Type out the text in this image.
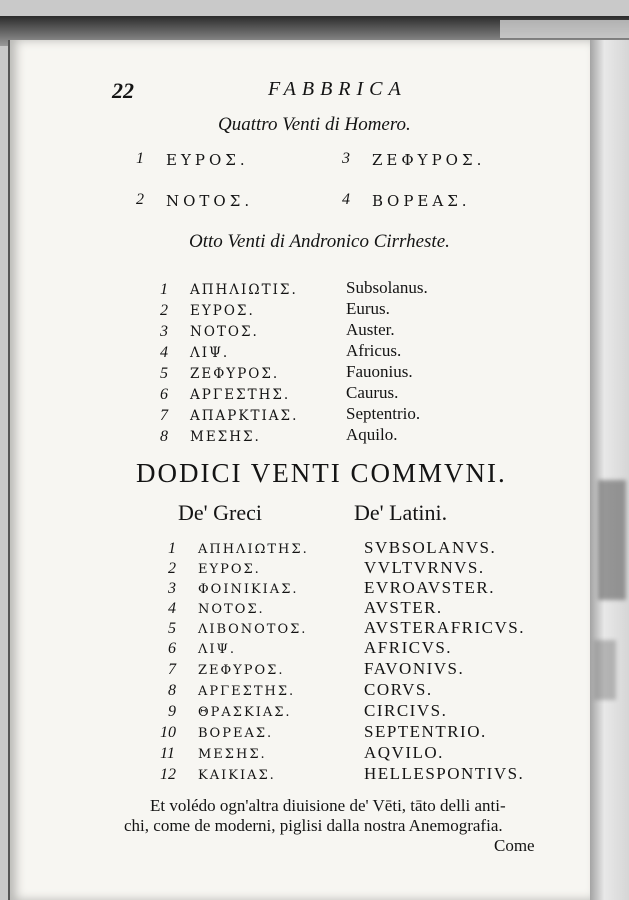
22	FABBRICA
Quattro Venti di Homero.
1 ΕΥΡΟΣ.	3 ΖΕΦΥΡΟΣ.
2 ΝΟΤΟΣ.	4 ΒΟΡΕΑΣ.
Otto Venti di Andronico Cirrheste.
1 ΑΠΗΛΙΩΤΙΣ.	Subsolanus.
2 ΕΥΡΟΣ.	Eurus.
3 ΝΟΤΟΣ.	Auster.
4 ΛΙΨ.	Africus.
5 ΖΕΦΥΡΟΣ.	Fauonius.
6 ΑΡΓΕΣΤΗΣ.	Caurus.
7 ΑΠΑΡΚΤΙΑΣ.	Septentrio.
8 ΜΕΣΗΣ.	Aquilo.
DODICI VENTI COMMVNI.
De' Greci	De' Latini.
1 ΑΠΗΛΙΩΤΗΣ.	SVBSOLANVS.
2 ΕΥΡΟΣ.	VVLTVRNVS.
3 ΦΟΙΝΙΚΙΑΣ.	EVROAVSTER.
4 ΝΟΤΟΣ.	AVSTER.
5 ΛΙΒΟΝΟΤΟΣ.	AVSTERAFRICVS.
6 ΛΙΨ.	AFRICVS.
7 ΖΕΦΥΡΟΣ.	FAVONIVS.
8 ΑΡΓΕΣΤΗΣ.	CORVS.
9 ΘΡΑΣΚΙΑΣ.	CIRCIVS.
10 ΒΟΡΕΑΣ.	SEPTENTRIO.
11 ΜΕΣΗΣ.	AQVILO.
12 ΚΑΙΚΙΑΣ.	HELLESPONTIVS.
Et volédo ogn'altra diuisione de' Vēti, tāto delli anti-
chi, come de moderni, piglisi dalla nostra Anemografia.
Come
